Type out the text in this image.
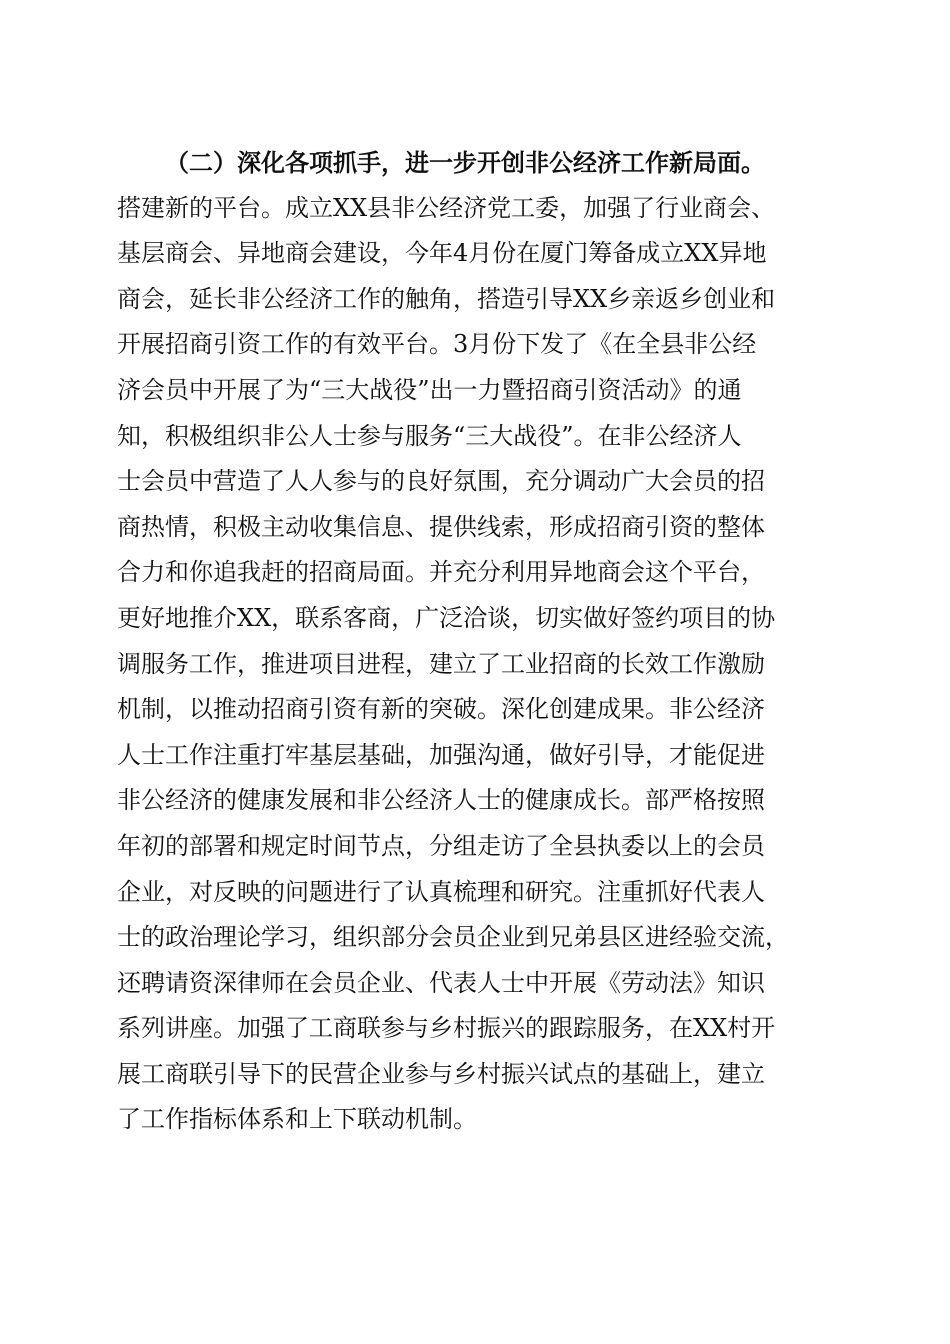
（二）深化各项抓手，进一步开创非公经济工作新局面。
搭建新的平台。成立XX县非公经济党工委，加强了行业商会、
基层商会、异地商会建设，今年4月份在厦门筹备成立XX异地
商会，延长非公经济工作的触角，搭造引导XX乡亲返乡创业和
开展招商引资工作的有效平台。3月份下发了《在全县非公经
济会员中开展了为“三大战役”出一力暨招商引资活动》的通
知，积极组织非公人士参与服务“三大战役”。在非公经济人
士会员中营造了人人参与的良好氛围，充分调动广大会员的招
商热情，积极主动收集信息、提供线索，形成招商引资的整体
合力和你追我赶的招商局面。并充分利用异地商会这个平台，
更好地推介XX，联系客商，广泛洽谈，切实做好签约项目的协
调服务工作，推进项目进程，建立了工业招商的长效工作激励
机制，以推动招商引资有新的突破。深化创建成果。非公经济
人士工作注重打牢基层基础，加强沟通，做好引导，才能促进
非公经济的健康发展和非公经济人士的健康成长。部严格按照
年初的部署和规定时间节点，分组走访了全县执委以上的会员
企业，对反映的问题进行了认真梳理和研究。注重抓好代表人
士的政治理论学习，组织部分会员企业到兄弟县区进经验交流，
还聘请资深律师在会员企业、代表人士中开展《劳动法》知识
系列讲座。加强了工商联参与乡村振兴的跟踪服务，在XX村开
展工商联引导下的民营企业参与乡村振兴试点的基础上，建立
了工作指标体系和上下联动机制。
